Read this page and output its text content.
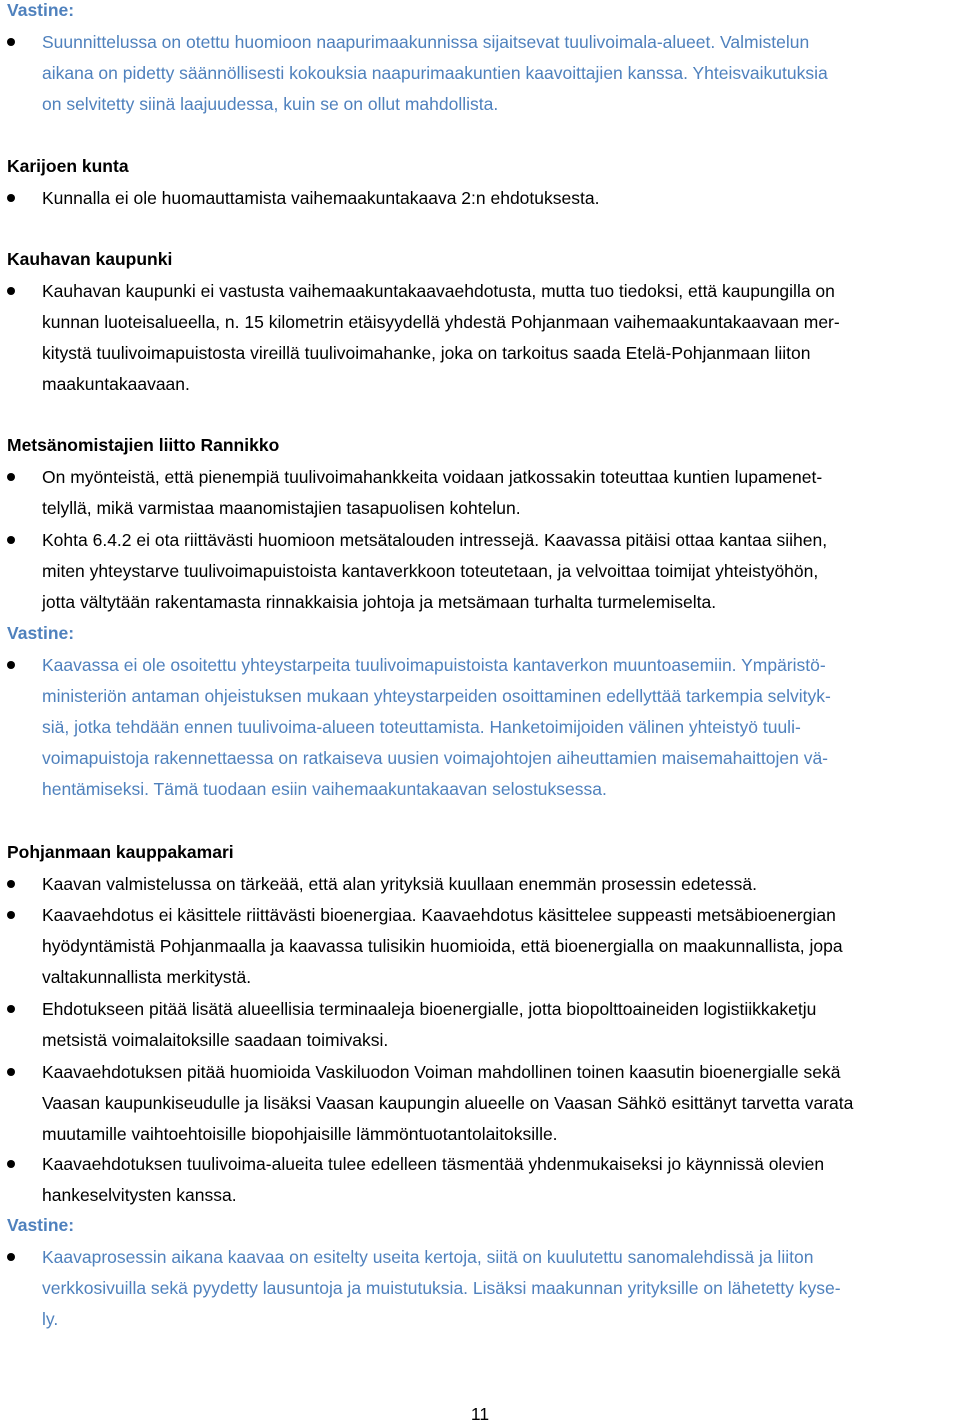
Vastine:
Suunnittelussa on otettu huomioon naapurimaakunnissa sijaitsevat tuulivoimala-alueet. Valmistelun
aikana on pidetty säännöllisesti kokouksia naapurimaakuntien kaavoittajien kanssa. Yhteisvaikutuksia
on selvitetty siinä laajuudessa, kuin se on ollut mahdollista.
Karijoen kunta
Kunnalla ei ole huomauttamista vaihemaakuntakaava 2:n ehdotuksesta.
Kauhavan kaupunki
Kauhavan kaupunki ei vastusta vaihemaakuntakaavaehdotusta, mutta tuo tiedoksi, että kaupungilla on
kunnan luoteisalueella, n. 15 kilometrin etäisyydellä yhdestä Pohjanmaan vaihemaakuntakaavaan mer-
kitystä tuulivoimapuistosta vireillä tuulivoimahanke, joka on tarkoitus saada Etelä-Pohjanmaan liiton
maakuntakaavaan.
Metsänomistajien liitto Rannikko
On myönteistä, että pienempiä tuulivoimahankkeita voidaan jatkossakin toteuttaa kuntien lupamenet-
telyllä, mikä varmistaa maanomistajien tasapuolisen kohtelun.
Kohta 6.4.2 ei ota riittävästi huomioon metsätalouden intressejä. Kaavassa pitäisi ottaa kantaa siihen,
miten yhteystarve tuulivoimapuistoista kantaverkkoon toteutetaan, ja velvoittaa toimijat yhteistyöhön,
jotta vältytään rakentamasta rinnakkaisia johtoja ja metsämaan turhalta turmelemiselta.
Vastine:
Kaavassa ei ole osoitettu yhteystarpeita tuulivoimapuistoista kantaverkon muuntoasemiin. Ympäristö-
ministeriön antaman ohjeistuksen mukaan yhteystarpeiden osoittaminen edellyttää tarkempia selvityk-
siä, jotka tehdään ennen tuulivoima-alueen toteuttamista. Hanketoimijoiden välinen yhteistyö tuuli-
voimapuistoja rakennettaessa on ratkaiseva uusien voimajohtojen aiheuttamien maisemahaittojen vä-
hentämiseksi. Tämä tuodaan esiin vaihemaakuntakaavan selostuksessa.
Pohjanmaan kauppakamari
Kaavan valmistelussa on tärkeää, että alan yrityksiä kuullaan enemmän prosessin edetessä.
Kaavaehdotus ei käsittele riittävästi bioenergiaa. Kaavaehdotus käsittelee suppeasti metsäbioenergian
hyödyntämistä Pohjanmaalla ja kaavassa tulisikin huomioida, että bioenergialla on maakunnallista, jopa
valtakunnallista merkitystä.
Ehdotukseen pitää lisätä alueellisia terminaaleja bioenergialle, jotta biopolttoaineiden logistiikkaketju
metsistä voimalaitoksille saadaan toimivaksi.
Kaavaehdotuksen pitää huomioida Vaskiluodon Voiman mahdollinen toinen kaasutin bioenergialle sekä
Vaasan kaupunkiseudulle ja lisäksi Vaasan kaupungin alueelle on Vaasan Sähkö esittänyt tarvetta varata
muutamille vaihtoehtoisille biopohjaisille lämmöntuotantolaitoksille.
Kaavaehdotuksen tuulivoima-alueita tulee edelleen täsmentää yhdenmukaiseksi jo käynnissä olevien
hankeselvitysten kanssa.
Vastine:
Kaavaprosessin aikana kaavaa on esitelty useita kertoja, siitä on kuulutettu sanomalehdissä ja liiton
verkkosivuilla sekä pyydetty lausuntoja ja muistutuksia. Lisäksi maakunnan yrityksille on lähetetty kyse-
ly.
11
